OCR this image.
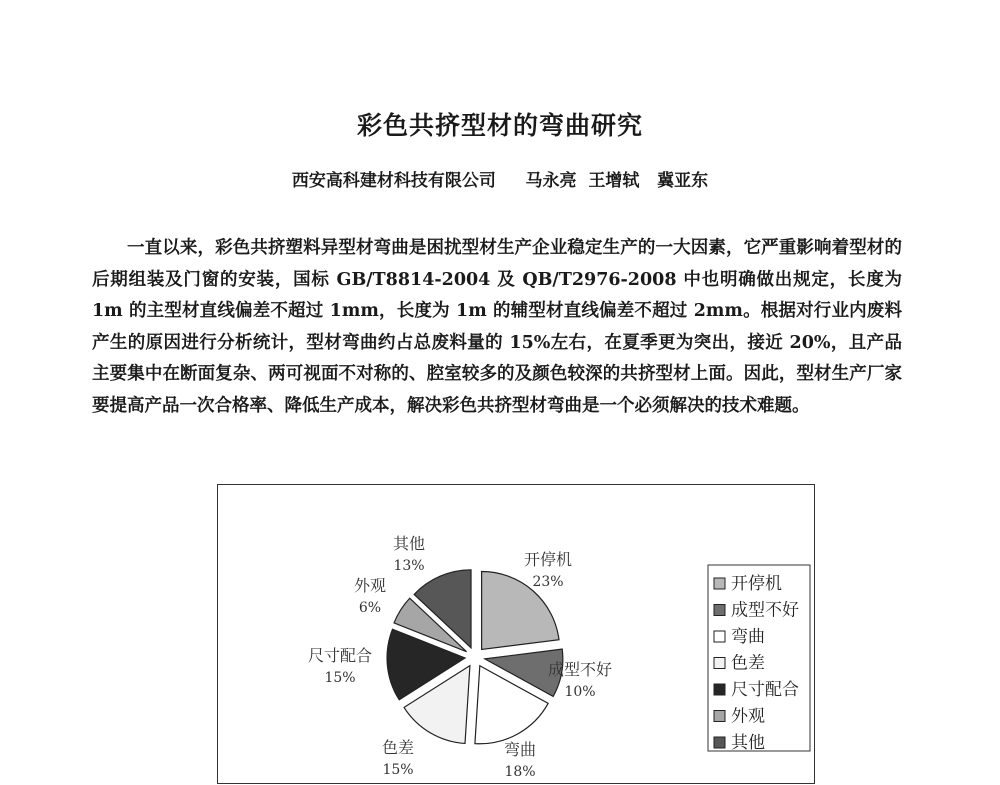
彩色共挤型材的弯曲研究
西安高科建材科技有限公司 马永亮  王增轼 冀亚东
一直以来，彩色共挤塑料异型材弯曲是困扰型材生产企业稳定生产的一大因素，它严重影响着型材的后期组装及门窗的安装，国标 GB/T8814-2004 及 QB/T2976-2008 中也明确做出规定，长度为 1m 的主型材直线偏差不超过 1mm，长度为 1m 的辅型材直线偏差不超过 2mm。根据对行业内废料产生的原因进行分析统计，型材弯曲约占总废料量的 15%左右，在夏季更为突出，接近 20%，且产品主要集中在断面复杂、两可视面不对称的、腔室较多的及颜色较深的共挤型材上面。因此，型材生产厂家要提高产品一次合格率、降低生产成本，解决彩色共挤型材弯曲是一个必须解决的技术难题。
开停机
23%
成型不好
10%
弯曲
18%
色差
15%
尺寸配合
15%
外观
6%
其他
13%
开停机
成型不好
弯曲
色差
尺寸配合
外观
其他
